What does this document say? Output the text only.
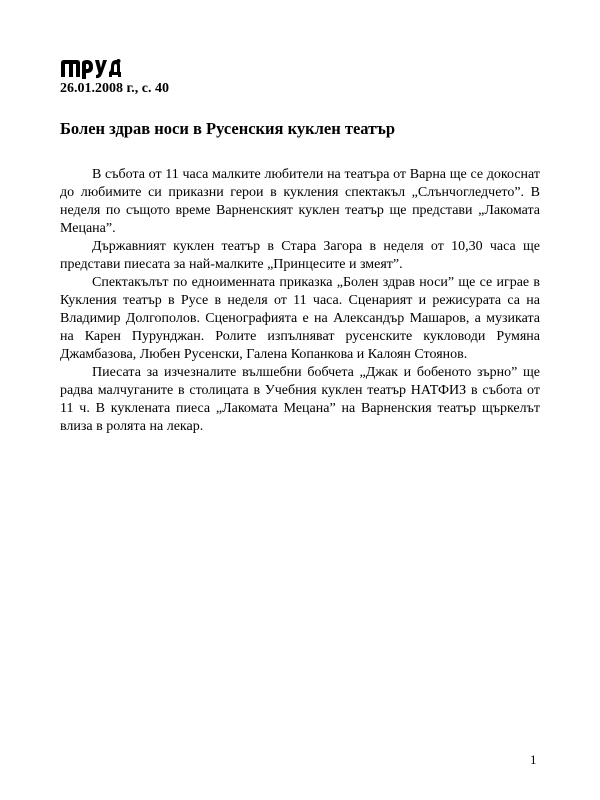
26.01.2008 г., с. 40
Болен здрав носи в Русенския куклен театър

В събота от 11 часа малките любители на театъра от Варна ще се докоснат до любимите си приказни герои в кукления спектакъл „Слънчогледчето”. В неделя по същото време Варненският куклен театър ще представи „Лакомата Мецана”.

Държавният куклен театър в Стара Загора в неделя от 10,30 часа ще представи пиесата за най-малките „Принцесите и змеят”.

Спектакълът по едноименната приказка „Болен здрав носи” ще се играе в Кукления театър в Русе в неделя от 11 часа. Сценарият и режисурата са на Владимир Долгополов. Сценографията е на Александър Машаров, а музиката на Карен Пурунджан. Ролите изпълняват русенските кукловоди Румяна Джамбазова, Любен Русенски, Галена Копанкова и Калоян Стоянов.

Пиесата за изчезналите вълшебни бобчета „Джак и бобеното зърно” ще радва малчуганите в столицата в Учебния куклен театър НАТФИЗ в събота от 11 ч. В куклената пиеса „Лакомата Мецана” на Варненския театър щъркелът влиза в ролята на лекар.

1
